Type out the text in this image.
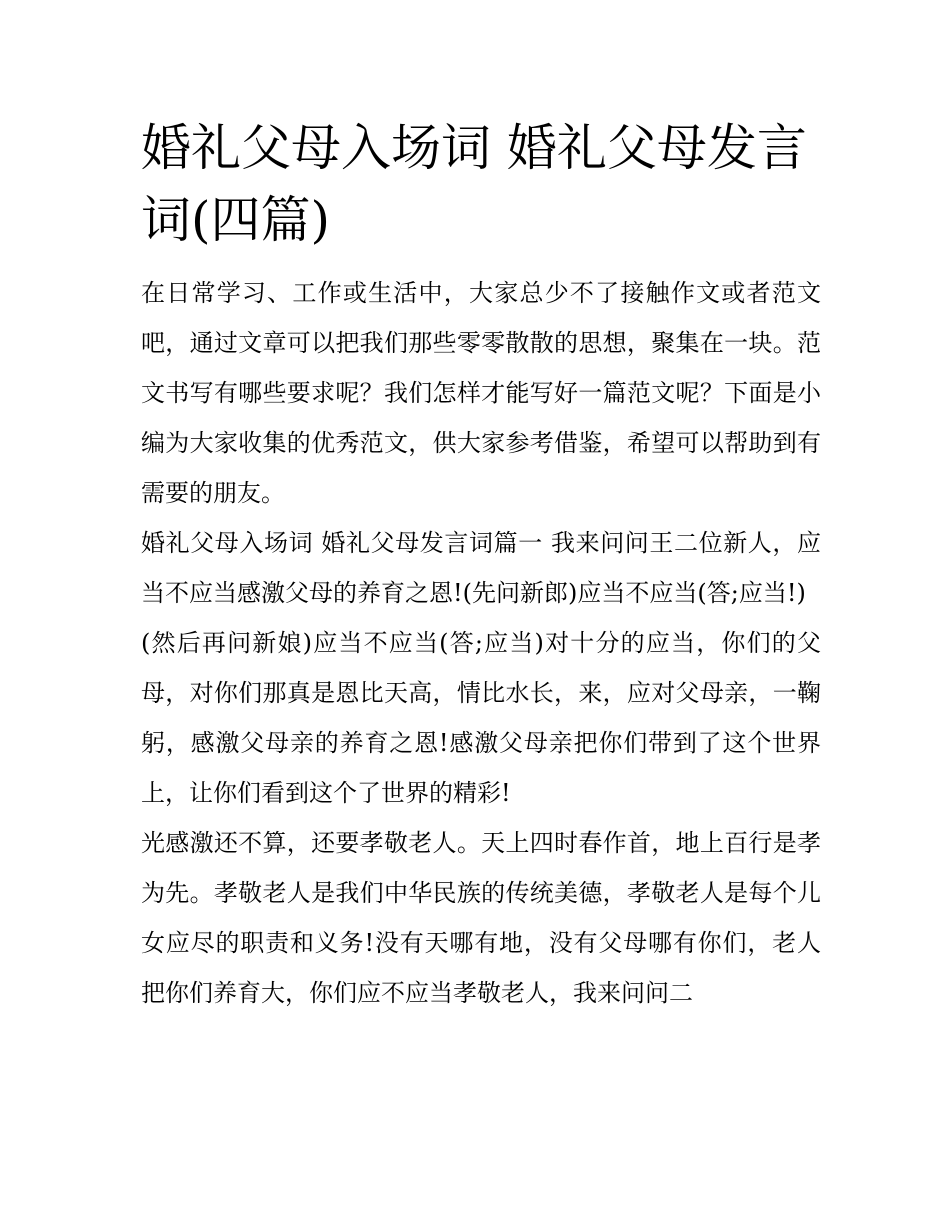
婚礼父母入场词 婚礼父母发言词(四篇)

在日常学习、工作或生活中，大家总少不了接触作文或者范文吧，通过文章可以把我们那些零零散散的思想，聚集在一块。范文书写有哪些要求呢？我们怎样才能写好一篇范文呢？下面是小编为大家收集的优秀范文，供大家参考借鉴，希望可以帮助到有需要的朋友。

婚礼父母入场词 婚礼父母发言词篇一 我来问问王二位新人，应当不应当感激父母的养育之恩!(先问新郎)应当不应当(答;应当!)

(然后再问新娘)应当不应当(答;应当)对十分的应当，你们的父母，对你们那真是恩比天高，情比水长，来，应对父母亲，一鞠躬，感激父母亲的养育之恩!感激父母亲把你们带到了这个世界上，让你们看到这个了世界的精彩!

光感激还不算，还要孝敬老人。天上四时春作首，地上百行是孝为先。孝敬老人是我们中华民族的传统美德，孝敬老人是每个儿女应尽的职责和义务!没有天哪有地，没有父母哪有你们，老人把你们养育大，你们应不应当孝敬老人，我来问问二
